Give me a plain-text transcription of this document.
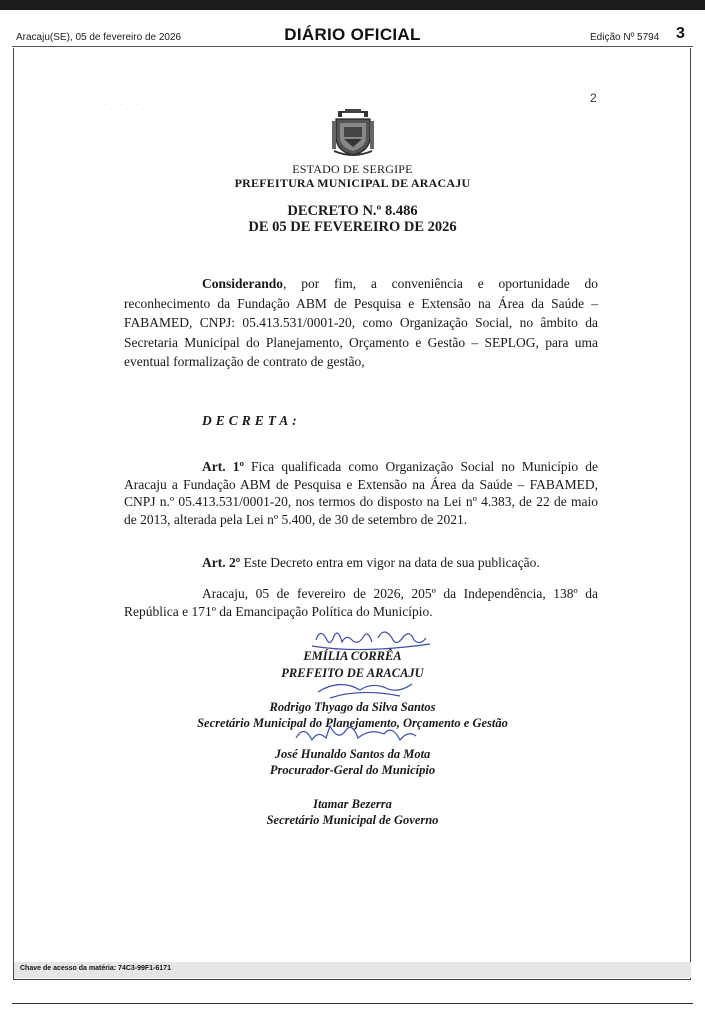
Aracaju(SE), 05 de fevereiro de 2026	DIÁRIO OFICIAL	Edição Nº 5794 3
2
···
ESTADO DE SERGIPE
PREFEITURA MUNICIPAL DE ARACAJU
DECRETO N.º 8.486
DE 05 DE FEVEREIRO DE 2026
Considerando, por fim, a conveniência e oportunidade do reconhecimento da Fundação ABM de Pesquisa e Extensão na Área da Saúde – FABAMED, CNPJ: 05.413.531/0001-20, como Organização Social, no âmbito da Secretaria Municipal do Planejamento, Orçamento e Gestão – SEPLOG, para uma eventual formalização de contrato de gestão,
DECRETA:
Art. 1º Fica qualificada como Organização Social no Município de Aracaju a Fundação ABM de Pesquisa e Extensão na Área da Saúde – FABAMED, CNPJ n.º 05.413.531/0001-20, nos termos do disposto na Lei nº 4.383, de 22 de maio de 2013, alterada pela Lei nº 5.400, de 30 de setembro de 2021.
Art. 2º Este Decreto entra em vigor na data de sua publicação.
Aracaju, 05 de fevereiro de 2026, 205º da Independência, 138º da República e 171º da Emancipação Política do Município.
EMÍLIA CORRÊA
PREFEITO DE ARACAJU
Rodrigo Thyago da Silva Santos
Secretário Municipal do Planejamento, Orçamento e Gestão
José Hunaldo Santos da Mota
Procurador-Geral do Município
Itamar Bezerra
Secretário Municipal de Governo
Chave de acesso da matéria: 74C3-99F1-6171
